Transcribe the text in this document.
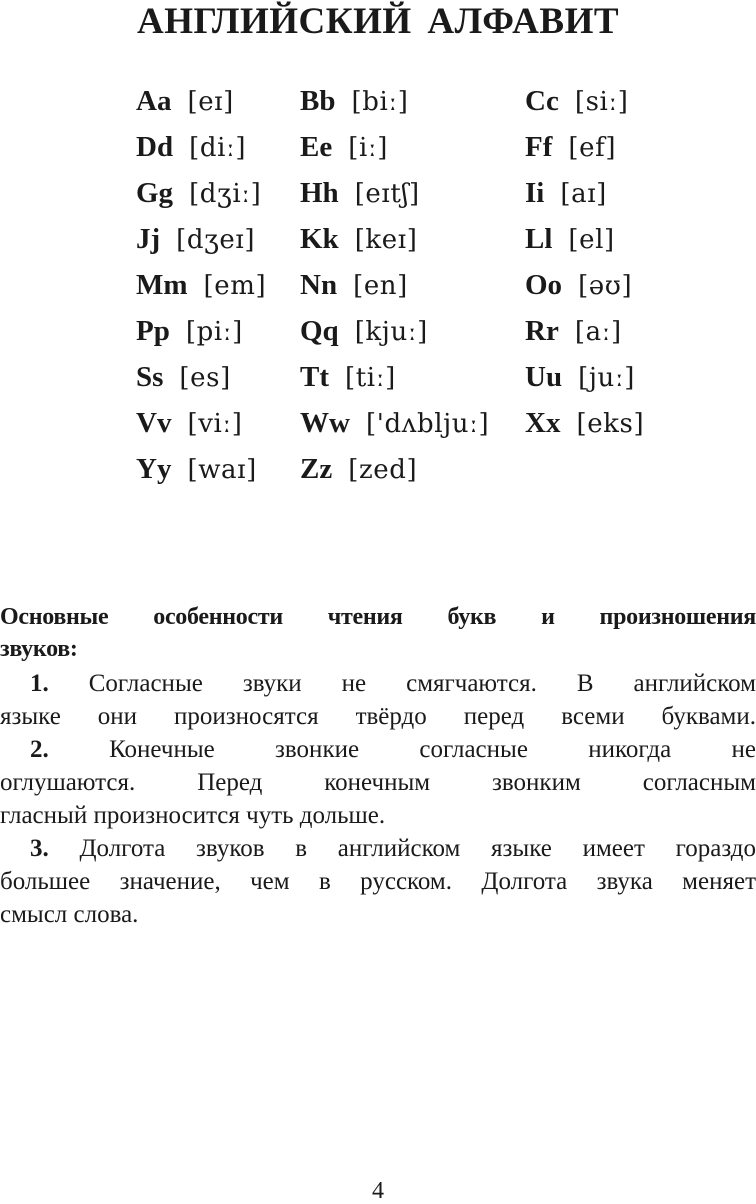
АНГЛИЙСКИЙ АЛФАВИТ
Aa [eɪ] Bb [biː]	Cc [siː]
Dd [diː] Ee [iː]	Ff [ef]
Gg [dʒiː] Hh [eɪtʃ]	Ii [aɪ]
Jj [dʒeɪ] Kk [keɪ]	Ll [el]
Mm [em] Nn [en]	Oo [əʊ]
Pp [piː] Qq [kjuː]	Rr [aː]
Ss [es] Tt [tiː]	Uu [juː]
Vv [viː] Ww ['dʌbljuː] Xx [eks]
Yy [waɪ] Zz [zed]
Основные особенности чтения букв и произношения
звуков:
1. Согласные звуки не смягчаются. В английском
языке они произносятся твёрдо перед всеми буквами.
2. Конечные звонкие согласные никогда не
оглушаются. Перед конечным звонким согласным
гласный произносится чуть дольше.
3. Долгота звуков в английском языке имеет гораздо
большее значение, чем в русском. Долгота звука меняет
смысл слова.
4
